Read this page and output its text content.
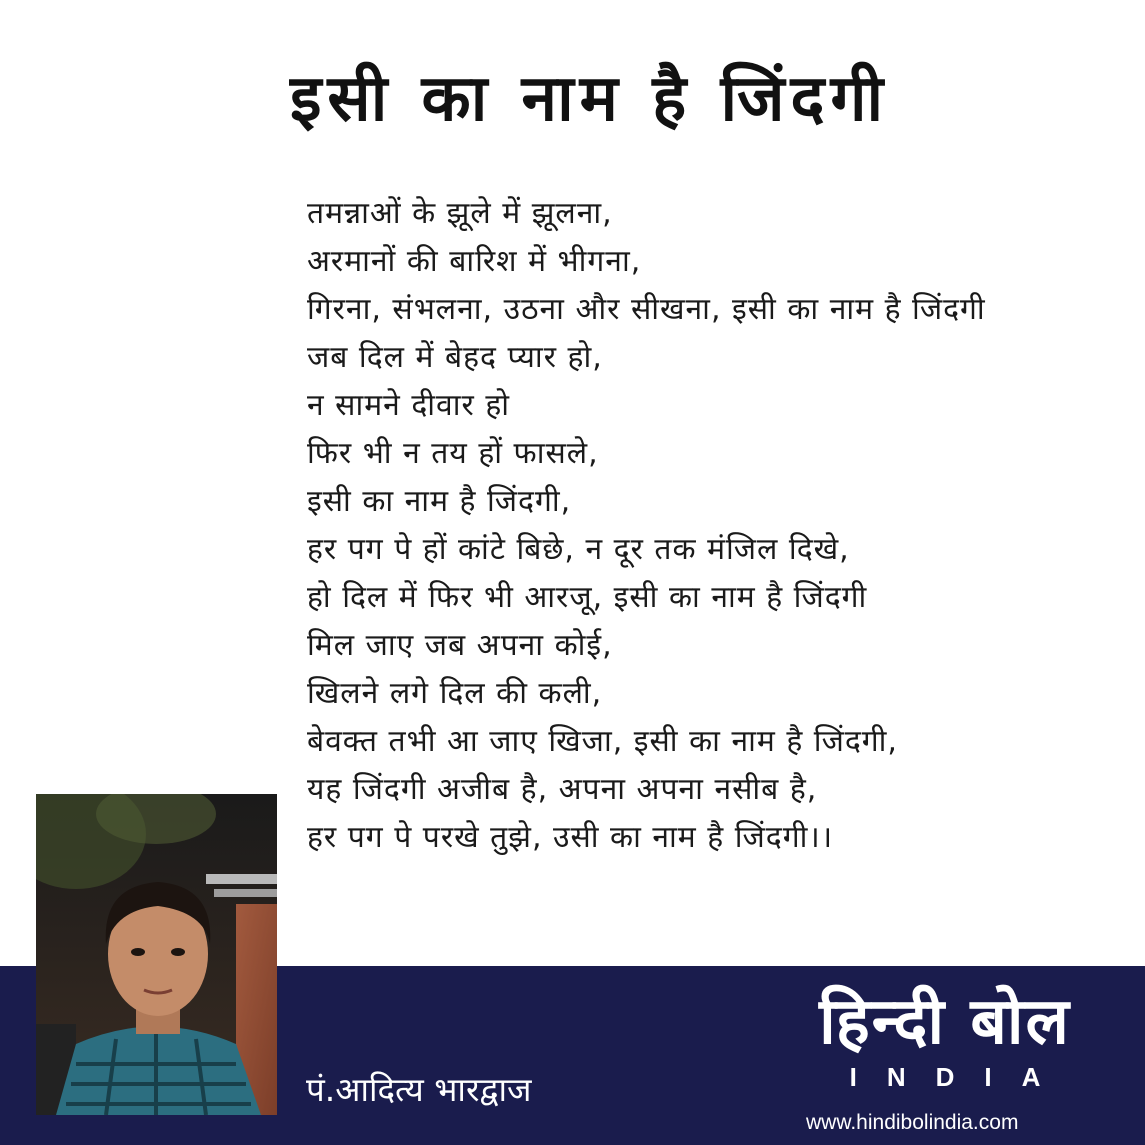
इसी का नाम है जिंदगी
तमन्नाओं के झूले में झूलना,
अरमानों की बारिश में भीगना,
गिरना, संभलना, उठना और सीखना, इसी का नाम है जिंदगी
जब दिल में बेहद प्यार हो,
न सामने दीवार हो
फिर भी न तय हों फासले,
इसी का नाम है जिंदगी,
हर पग पे हों कांटे बिछे, न दूर तक मंजिल दिखे,
हो दिल में फिर भी आरजू, इसी का नाम है जिंदगी
मिल जाए जब अपना कोई,
खिलने लगे दिल की कली,
बेवक्त तभी आ जाए खिजा, इसी का नाम है जिंदगी,
यह जिंदगी अजीब है, अपना अपना नसीब है,
हर पग पे परखे तुझे, उसी का नाम है जिंदगी।।
पं.आदित्य भारद्वाज
हिन्दी बोल
INDIA
www.hindibolindia.com
